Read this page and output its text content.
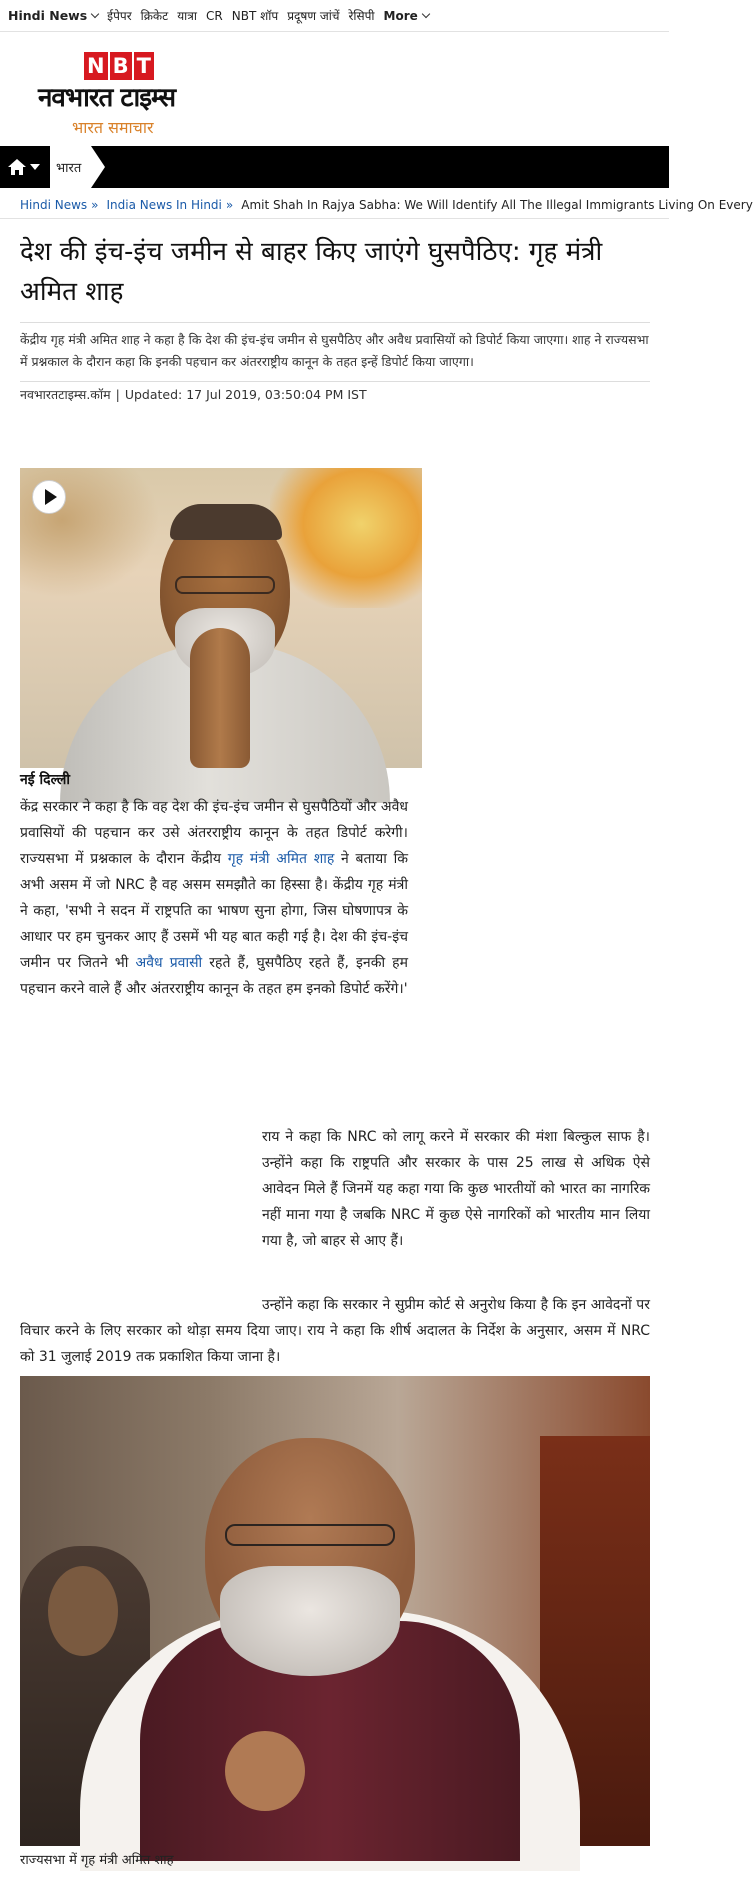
Hindi News ईपेपर क्रिकेट यात्रा CR NBT शॉप प्रदूषण जांचें रेसिपी More
N B T
नवभारत टाइम्स
भारत समाचार
भारत
Hindi News » India News In Hindi » Amit Shah In Rajya Sabha: We Will Identify All The Illegal Immigrants Living On Every
देश की इंच-इंच जमीन से बाहर किए जाएंगे घुसपैठिए: गृह मंत्री अमित शाह
केंद्रीय गृह मंत्री अमित शाह ने कहा है कि देश की इंच-इंच जमीन से घुसपैठिए और अवैध प्रवासियों को डिपोर्ट किया जाएगा। शाह ने राज्यसभा में प्रश्नकाल के दौरान कहा कि इनकी पहचान कर अंतरराष्ट्रीय कानून के तहत इन्हें डिपोर्ट किया जाएगा।
नवभारतटाइम्स.कॉम | Updated: 17 Jul 2019, 03:50:04 PM IST
नई दिल्ली

केंद्र सरकार ने कहा है कि वह देश की इंच-इंच जमीन से घुसपैठियों और अवैध प्रवासियों की पहचान कर उसे अंतरराष्ट्रीय कानून के तहत डिपोर्ट करेगी। राज्यसभा में प्रश्नकाल के दौरान केंद्रीय गृह मंत्री अमित शाह ने बताया कि अभी असम में जो NRC है वह असम समझौते का हिस्सा है। केंद्रीय गृह मंत्री ने कहा, 'सभी ने सदन में राष्ट्रपति का भाषण सुना होगा, जिस घोषणापत्र के आधार पर हम चुनकर आए हैं उसमें भी यह बात कही गई है। देश की इंच-इंच जमीन पर जितने भी अवैध प्रवासी रहते हैं, घुसपैठिए रहते हैं, इनकी हम पहचान करने वाले हैं और अंतरराष्ट्रीय कानून के तहत हम इनको डिपोर्ट करेंगे।'

राय ने कहा कि NRC को लागू करने में सरकार की मंशा बिल्कुल साफ है। उन्होंने कहा कि राष्ट्रपति और सरकार के पास 25 लाख से अधिक ऐसे आवेदन मिले हैं जिनमें यह कहा गया कि कुछ भारतीयों को भारत का नागरिक नहीं माना गया है जबकि NRC में कुछ ऐसे नागरिकों को भारतीय मान लिया गया है, जो बाहर से आए हैं।

उन्होंने कहा कि सरकार ने सुप्रीम कोर्ट से अनुरोध किया है कि इन आवेदनों पर विचार करने के लिए सरकार को थोड़ा समय दिया जाए। राय ने कहा कि शीर्ष अदालत के निर्देश के अनुसार, असम में NRC को 31 जुलाई 2019 तक प्रकाशित किया जाना है।

राज्यसभा में गृह मंत्री अमित शाह
